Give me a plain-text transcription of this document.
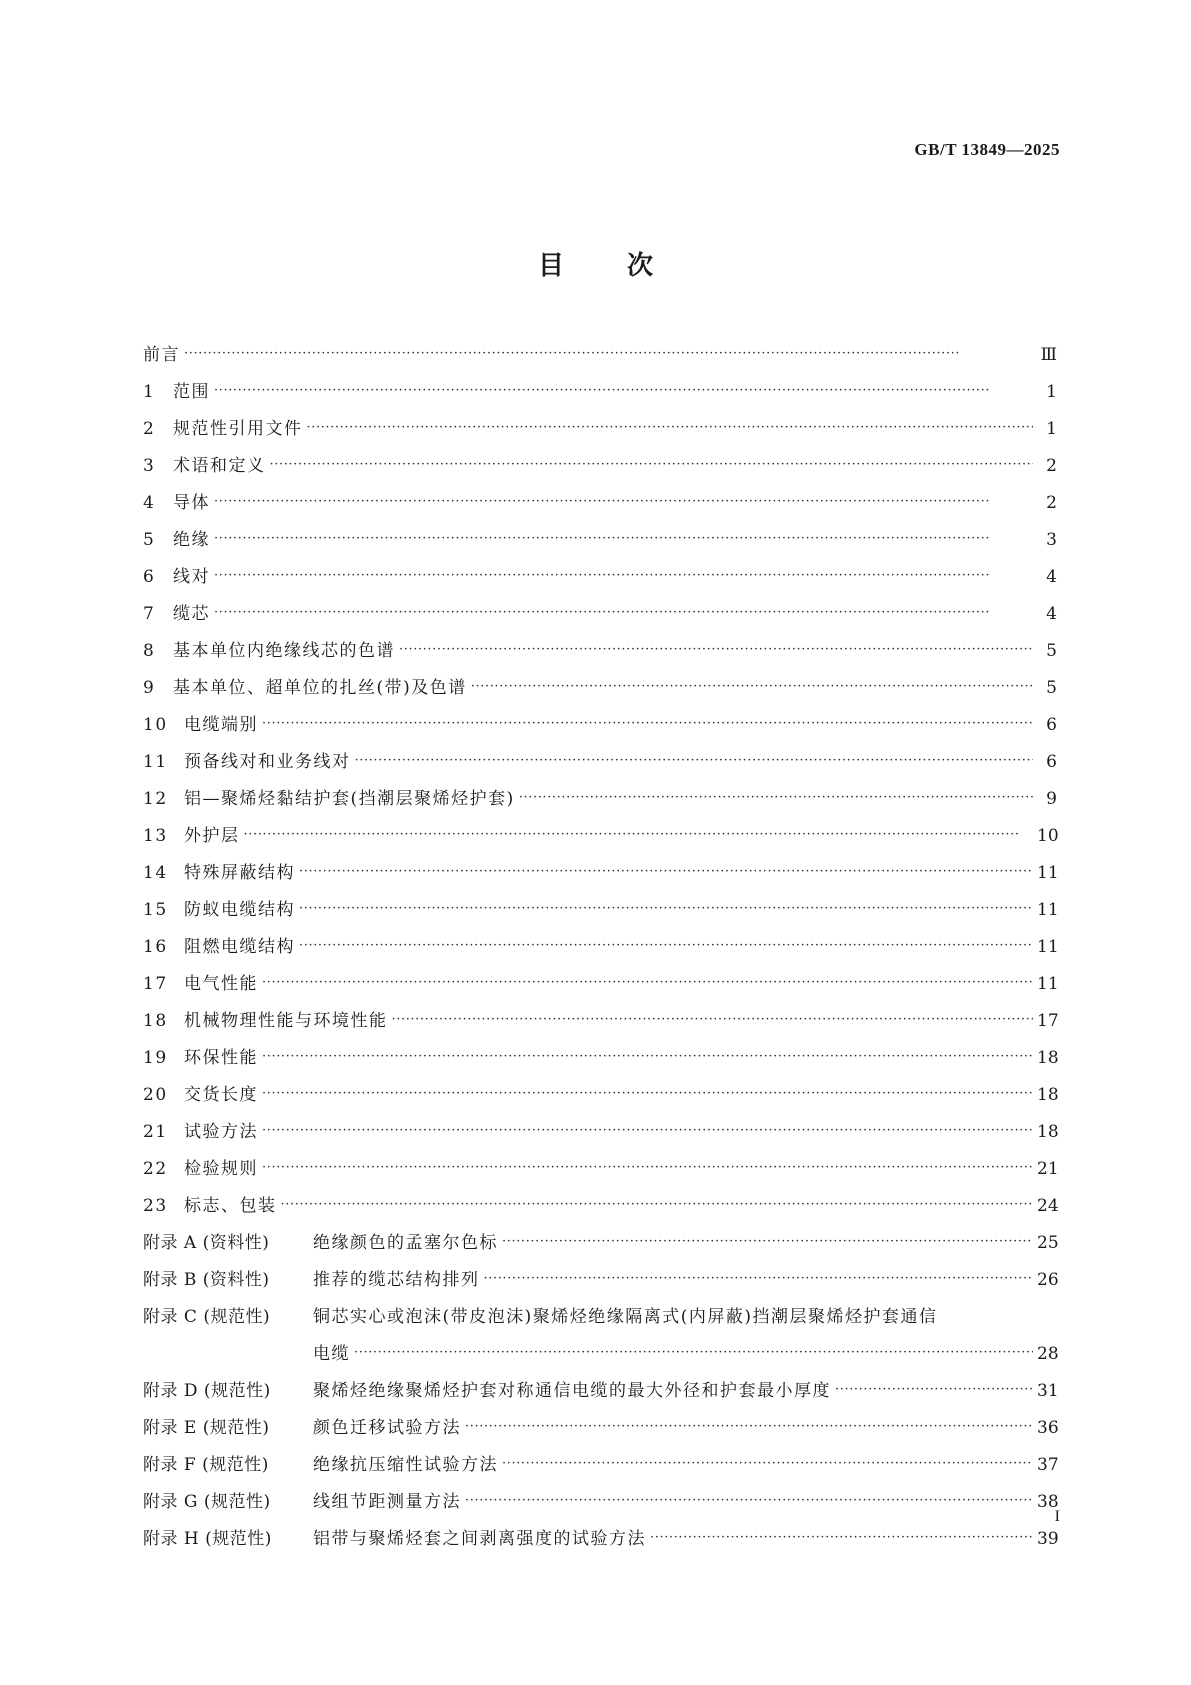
GB/T 13849—2025
目 次
前言 ·····	Ⅲ
1	范围 ·····	1
2	规范性引用文件 ·····	1
3	术语和定义 ·····	2
4	导体 ·····	2
5	绝缘 ·····	3
6	线对 ·····	4
7	缆芯 ·····	4
8	基本单位内绝缘线芯的色谱 ·····	5
9	基本单位、超单位的扎丝(带)及色谱 ·····	5
10 电缆端别 ·····	6
11 预备线对和业务线对 ·····	6
12 铝—聚烯烃黏结护套(挡潮层聚烯烃护套) ·····	9
13 外护层 ·····	10
14 特殊屏蔽结构 ·····	11
15 防蚁电缆结构 ·····	11
16 阻燃电缆结构 ·····	11
17 电气性能 ·····	11
18 机械物理性能与环境性能 ·····	17
19 环保性能 ·····	18
20 交货长度 ·····	18
21 试验方法 ·····	18
22 检验规则 ·····	21
23 标志、包装 ·····	24
附录 A (资料性)	绝缘颜色的孟塞尔色标 ·····	25
附录 B (资料性)	推荐的缆芯结构排列 ·····	26
附录 C (规范性)	铜芯实心或泡沫(带皮泡沫)聚烯烃绝缘隔离式(内屏蔽)挡潮层聚烯烃护套通信
电缆 ·····	28
附录 D (规范性)	聚烯烃绝缘聚烯烃护套对称通信电缆的最大外径和护套最小厚度 ·····	31
附录 E (规范性)	颜色迁移试验方法 ·····	36
附录 F (规范性)	绝缘抗压缩性试验方法 ·····	37
附录 G (规范性)	线组节距测量方法 ·····	38
附录 H (规范性)	铝带与聚烯烃套之间剥离强度的试验方法 ·····	39
I
